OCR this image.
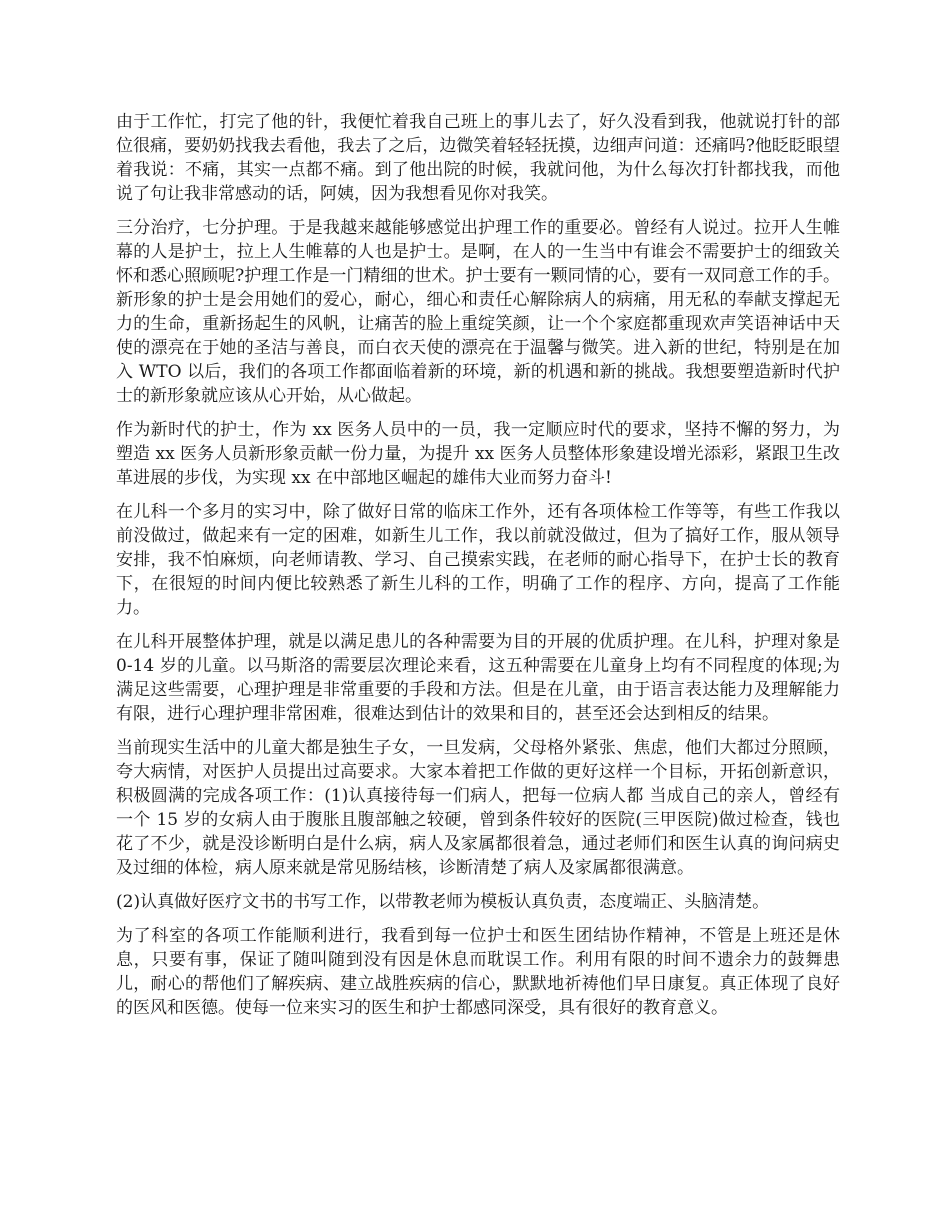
由于工作忙，打完了他的针，我便忙着我自己班上的事儿去了，好久没看到我，他就说打针的部位很痛，要奶奶找我去看他，我去了之后，边微笑着轻轻抚摸，边细声问道：还痛吗?他眨眨眼望着我说：不痛，其实一点都不痛。到了他出院的时候，我就问他，为什么每次打针都找我，而他说了句让我非常感动的话，阿姨，因为我想看见你对我笑。

三分治疗，七分护理。于是我越来越能够感觉出护理工作的重要必。曾经有人说过。拉开人生帷幕的人是护士，拉上人生帷幕的人也是护士。是啊，在人的一生当中有谁会不需要护士的细致关怀和悉心照顾呢?护理工作是一门精细的世术。护士要有一颗同情的心，要有一双同意工作的手。新形象的护士是会用她们的爱心，耐心，细心和责任心解除病人的病痛，用无私的奉献支撑起无力的生命，重新扬起生的风帆，让痛苦的脸上重绽笑颜，让一个个家庭都重现欢声笑语神话中天使的漂亮在于她的圣洁与善良，而白衣天使的漂亮在于温馨与微笑。进入新的世纪，特别是在加入 WTO 以后，我们的各项工作都面临着新的环境，新的机遇和新的挑战。我想要塑造新时代护士的新形象就应该从心开始，从心做起。

作为新时代的护士，作为 xx 医务人员中的一员，我一定顺应时代的要求，坚持不懈的努力，为塑造 xx 医务人员新形象贡献一份力量，为提升 xx 医务人员整体形象建设增光添彩，紧跟卫生改革进展的步伐，为实现 xx 在中部地区崛起的雄伟大业而努力奋斗!

在儿科一个多月的实习中，除了做好日常的临床工作外，还有各项体检工作等等，有些工作我以前没做过，做起来有一定的困难，如新生儿工作，我以前就没做过，但为了搞好工作，服从领导安排，我不怕麻烦，向老师请教、学习、自己摸索实践，在老师的耐心指导下，在护士长的教育下，在很短的时间内便比较熟悉了新生儿科的工作，明确了工作的程序、方向，提高了工作能力。

在儿科开展整体护理，就是以满足患儿的各种需要为目的开展的优质护理。在儿科，护理对象是 0-14 岁的儿童。以马斯洛的需要层次理论来看，这五种需要在儿童身上均有不同程度的体现;为满足这些需要，心理护理是非常重要的手段和方法。但是在儿童，由于语言表达能力及理解能力有限，进行心理护理非常困难，很难达到估计的效果和目的，甚至还会达到相反的结果。

当前现实生活中的儿童大都是独生子女，一旦发病，父母格外紧张、焦虑，他们大都过分照顾，夸大病情，对医护人员提出过高要求。大家本着把工作做的更好这样一个目标，开拓创新意识，积极圆满的完成各项工作：(1)认真接待每一们病人，把每一位病人都 当成自己的亲人，曾经有一个 15 岁的女病人由于腹胀且腹部触之较硬，曾到条件较好的医院(三甲医院)做过检查，钱也花了不少，就是没诊断明白是什么病，病人及家属都很着急，通过老师们和医生认真的询问病史及过细的体检，病人原来就是常见肠结核，诊断清楚了病人及家属都很满意。

(2)认真做好医疗文书的书写工作，以带教老师为模板认真负责，态度端正、头脑清楚。

为了科室的各项工作能顺利进行，我看到每一位护士和医生团结协作精神，不管是上班还是休息，只要有事，保证了随叫随到没有因是休息而耽误工作。利用有限的时间不遗余力的鼓舞患儿，耐心的帮他们了解疾病、建立战胜疾病的信心，默默地祈祷他们早日康复。真正体现了良好的医风和医德。使每一位来实习的医生和护士都感同深受，具有很好的教育意义。
